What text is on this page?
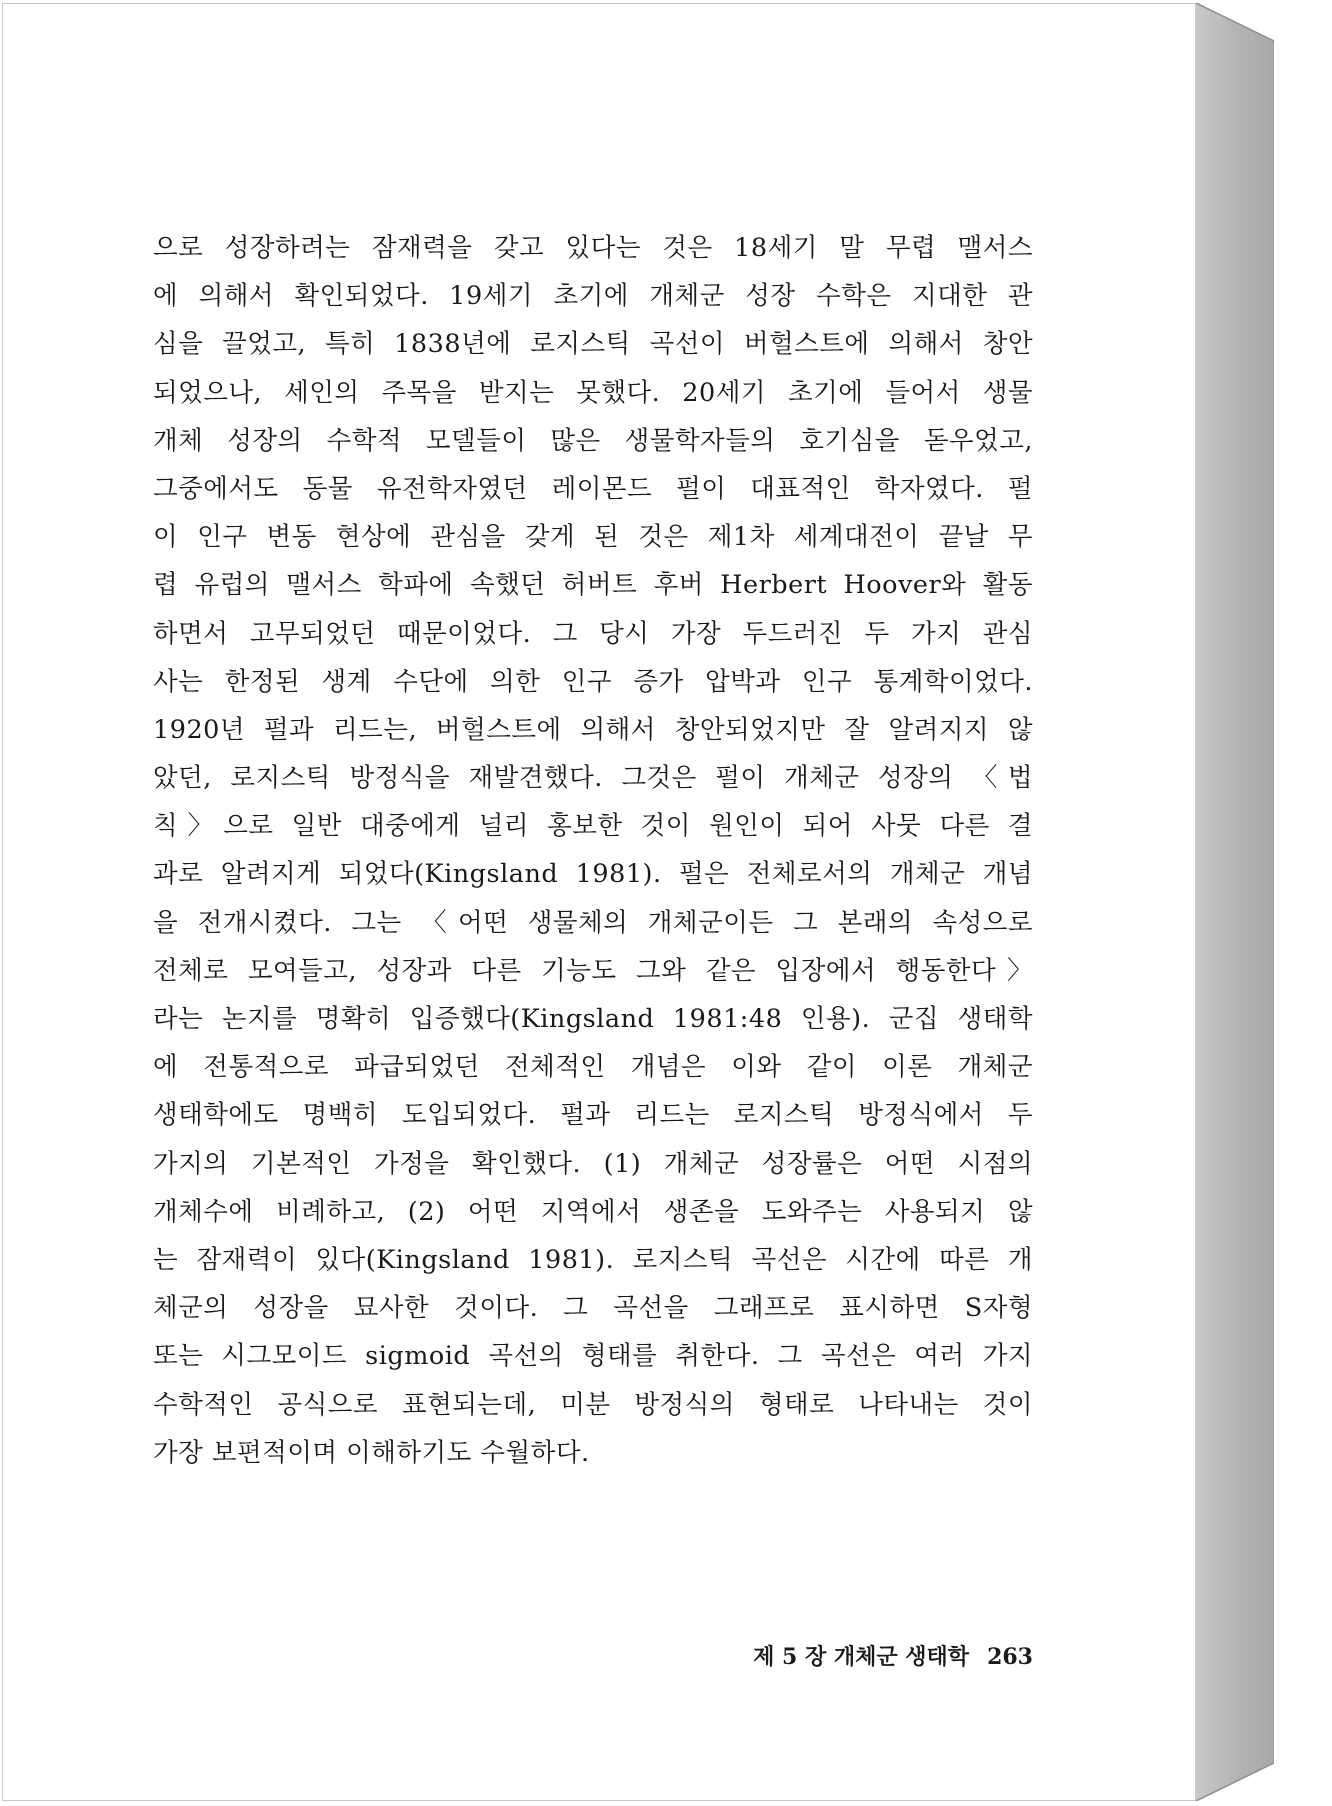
으로 성장하려는 잠재력을 갖고 있다는 것은 18세기 말 무렵 맬서스
에 의해서 확인되었다. 19세기 초기에 개체군 성장 수학은 지대한 관
심을 끌었고, 특히 1838년에 로지스틱 곡선이 버헐스트에 의해서 창안
되었으나, 세인의 주목을 받지는 못했다. 20세기 초기에 들어서 생물
개체 성장의 수학적 모델들이 많은 생물학자들의 호기심을 돋우었고,
그중에서도 동물 유전학자였던 레이몬드 펄이 대표적인 학자였다. 펄
이 인구 변동 현상에 관심을 갖게 된 것은 제1차 세계대전이 끝날 무
렵 유럽의 맬서스 학파에 속했던 허버트 후버 Herbert Hoover와 활동
하면서 고무되었던 때문이었다. 그 당시 가장 두드러진 두 가지 관심
사는 한정된 생계 수단에 의한 인구 증가 압박과 인구 통계학이었다.
1920년 펄과 리드는, 버헐스트에 의해서 창안되었지만 잘 알려지지 않
았던, 로지스틱 방정식을 재발견했다. 그것은 펄이 개체군 성장의 〈법
칙〉으로 일반 대중에게 널리 홍보한 것이 원인이 되어 사뭇 다른 결
과로 알려지게 되었다(Kingsland 1981). 펄은 전체로서의 개체군 개념
을 전개시켰다. 그는 〈어떤 생물체의 개체군이든 그 본래의 속성으로
전체로 모여들고, 성장과 다른 기능도 그와 같은 입장에서 행동한다〉
라는 논지를 명확히 입증했다(Kingsland 1981:48 인용). 군집 생태학
에 전통적으로 파급되었던 전체적인 개념은 이와 같이 이론 개체군
생태학에도 명백히 도입되었다. 펄과 리드는 로지스틱 방정식에서 두
가지의 기본적인 가정을 확인했다. (1) 개체군 성장률은 어떤 시점의
개체수에 비례하고, (2) 어떤 지역에서 생존을 도와주는 사용되지 않
는 잠재력이 있다(Kingsland 1981). 로지스틱 곡선은 시간에 따른 개
체군의 성장을 묘사한 것이다. 그 곡선을 그래프로 표시하면 S자형
또는 시그모이드 sigmoid 곡선의 형태를 취한다. 그 곡선은 여러 가지
수학적인 공식으로 표현되는데, 미분 방정식의 형태로 나타내는 것이
가장 보편적이며 이해하기도 수월하다.
제 5 장 개체군 생태학 263
